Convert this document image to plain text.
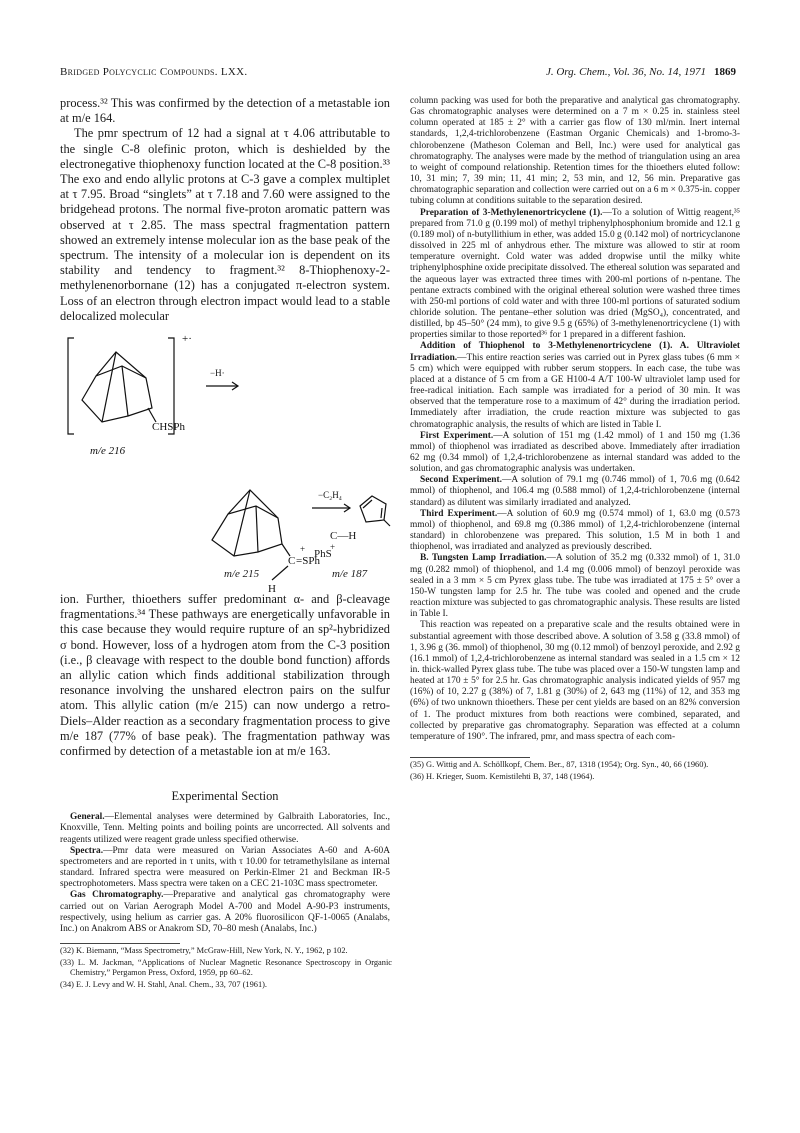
Bridged Polycyclic Compounds. LXX.	J. Org. Chem., Vol. 36, No. 14, 1971 1869

process.³² This was confirmed by the detection of a metastable ion at m/e 164.

The pmr spectrum of 12 had a signal at τ 4.06 attributable to the single C-8 olefinic proton, which is deshielded by the electronegative thiophenoxy function located at the C-8 position.³³ The exo and endo allylic protons at C-3 gave a complex multiplet at τ 7.95. Broad “singlets” at τ 7.18 and 7.60 were assigned to the bridgehead protons. The normal five-proton aromatic pattern was observed at τ 2.85. The mass spectral fragmentation pattern showed an extremely intense molecular ion as the base peak of the spectrum. The intensity of a molecular ion is dependent on its stability and tendency to fragment.³² 8-Thiophenoxy-2-methylenenorbornane (12) has a conjugated π-electron system. Loss of an electron through electron impact would lead to a stable delocalized molecular

+·
CHSPh
m/e 216
−H·
C =SPh
+
H
−C₂H₄
C—H
PhS
+
m/e 215	m/e 187

ion. Further, thioethers suffer predominant α- and β-cleavage fragmentations.³⁴ These pathways are energetically unfavorable in this case because they would require rupture of an sp²-hybridized σ bond. However, loss of a hydrogen atom from the C-3 position (i.e., β cleavage with respect to the double bond function) affords an allylic cation which finds additional stabilization through resonance involving the unshared electron pairs on the sulfur atom. This allylic cation (m/e 215) can now undergo a retro-Diels–Alder reaction as a secondary fragmentation process to give m/e 187 (77% of base peak). The fragmentation pathway was confirmed by detection of a metastable ion at m/e 163.

Experimental Section

General.—Elemental analyses were determined by Galbraith Laboratories, Inc., Knoxville, Tenn. Melting points and boiling points are uncorrected. All solvents and reagents utilized were reagent grade unless specified otherwise.

Spectra.—Pmr data were measured on Varian Associates A-60 and A-60A spectrometers and are reported in τ units, with τ 10.00 for tetramethylsilane as internal standard. Infrared spectra were measured on Perkin-Elmer 21 and Beckman IR-5 spectrophotometers. Mass spectra were taken on a CEC 21-103C mass spectrometer.

Gas Chromatography.—Preparative and analytical gas chromatography were carried out on Varian Aerograph Model A-700 and Model A-90-P3 instruments, respectively, using helium as carrier gas. A 20% fluorosilicon QF-1-0065 (Analabs, Inc.) on Anakrom ABS or Anakrom SD, 70–80 mesh (Analabs, Inc.)

(32) K. Biemann, “Mass Spectrometry,” McGraw-Hill, New York, N. Y., 1962, p 102.

(33) L. M. Jackman, “Applications of Nuclear Magnetic Resonance Spectroscopy in Organic Chemistry,” Pergamon Press, Oxford, 1959, pp 60–62.

(34) E. J. Levy and W. H. Stahl, Anal. Chem., 33, 707 (1961).

column packing was used for both the preparative and analytical gas chromatography. Gas chromatographic analyses were determined on a 7 m × 0.25 in. stainless steel column operated at 185 ± 2° with a carrier gas flow of 130 ml/min. Inert internal standards, 1,2,4-trichlorobenzene (Eastman Organic Chemicals) and 1-bromo-3-chlorobenzene (Matheson Coleman and Bell, Inc.) were used for analytical gas chromatography. The analyses were made by the method of triangulation using an area to weight of compound relationship. Retention times for the thioethers eluted follow: 10, 31 min; 7, 39 min; 11, 41 min; 2, 53 min, and 12, 56 min. Preparative gas chromatographic separation and collection were carried out on a 6 m × 0.375-in. copper tubing column at conditions suitable to the separation desired.

Preparation of 3-Methylenenortricyclene (1).—To a solution of Wittig reagent,³⁵ prepared from 71.0 g (0.199 mol) of methyl triphenylphosphonium bromide and 12.1 g (0.189 mol) of n-butyllithium in ether, was added 15.0 g (0.142 mol) of nortricyclanone dissolved in 225 ml of anhydrous ether. The mixture was allowed to stir at room temperature overnight. Cold water was added dropwise until the milky white triphenylphosphine oxide precipitate dissolved. The ethereal solution was separated and the aqueous layer was extracted three times with 200-ml portions of n-pentane. The pentane extracts combined with the original ethereal solution were washed three times with 250-ml portions of cold water and with three 100-ml portions of saturated sodium chloride solution. The pentane–ether solution was dried (MgSO₄), concentrated, and distilled, bp 45–50° (24 mm), to give 9.5 g (65%) of 3-methylenenortricyclene (1) with properties similar to those reported³⁶ for 1 prepared in a different fashion.

Addition of Thiophenol to 3-Methylenenortricyclene (1). A. Ultraviolet Irradiation.—This entire reaction series was carried out in Pyrex glass tubes (6 mm × 5 cm) which were equipped with rubber serum stoppers. In each case, the tube was placed at a distance of 5 cm from a GE H100-4 A/T 100-W ultraviolet lamp used for free-radical initiation. Each sample was irradiated for a period of 30 min. It was observed that the temperature rose to a maximum of 42° during the irradiation period. Immediately after irradiation, the crude reaction mixture was subjected to gas chromatographic analysis, the results of which are listed in Table I.

First Experiment.—A solution of 151 mg (1.42 mmol) of 1 and 150 mg (1.36 mmol) of thiophenol was irradiated as described above. Immediately after irradiation 62 mg (0.34 mmol) of 1,2,4-trichlorobenzene as internal standard was added to the solution, and gas chromatographic analysis was undertaken.

Second Experiment.—A solution of 79.1 mg (0.746 mmol) of 1, 70.6 mg (0.642 mmol) of thiophenol, and 106.4 mg (0.588 mmol) of 1,2,4-trichlorobenzene (internal standard) as dilutent was similarly irradiated and analyzed.

Third Experiment.—A solution of 60.9 mg (0.574 mmol) of 1, 63.0 mg (0.573 mmol) of thiophenol, and 69.8 mg (0.386 mmol) of 1,2,4-trichlorobenzene (internal standard) in chlorobenzene was prepared. This solution, 1.5 M in both 1 and thiophenol, was irradiated and analyzed as previously described.

B. Tungsten Lamp Irradiation.—A solution of 35.2 mg (0.332 mmol) of 1, 31.0 mg (0.282 mmol) of thiophenol, and 1.4 mg (0.006 mmol) of benzoyl peroxide was sealed in a 3 mm × 5 cm Pyrex glass tube. The tube was irradiated at 175 ± 5° over a 150-W tungsten lamp for 2.5 hr. The tube was cooled and opened and the crude reaction mixture was subjected to gas chromatographic analysis. These results are listed in Table I.

This reaction was repeated on a preparative scale and the results obtained were in substantial agreement with those described above. A solution of 3.58 g (33.8 mmol) of 1, 3.96 g (36. mmol) of thiophenol, 30 mg (0.12 mmol) of benzoyl peroxide, and 2.92 g (16.1 mmol) of 1,2,4-trichlorobenzene as internal standard was sealed in a 1.5 cm × 12 in. thick-walled Pyrex glass tube. The tube was placed over a 150-W tungsten lamp and heated at 170 ± 5° for 2.5 hr. Gas chromatographic analysis indicated yields of 957 mg (16%) of 10, 2.27 g (38%) of 7, 1.81 g (30%) of 2, 643 mg (11%) of 12, and 353 mg (6%) of two unknown thioethers. These per cent yields are based on an 82% conversion of 1. The product mixtures from both reactions were combined, separated, and collected by preparative gas chromatography. Separation was effected at a column temperature of 190°. The infrared, pmr, and mass spectra of each com-

(35) G. Wittig and A. Schöllkopf, Chem. Ber., 87, 1318 (1954); Org. Syn., 40, 66 (1960).

(36) H. Krieger, Suom. Kemistilehti B, 37, 148 (1964).
